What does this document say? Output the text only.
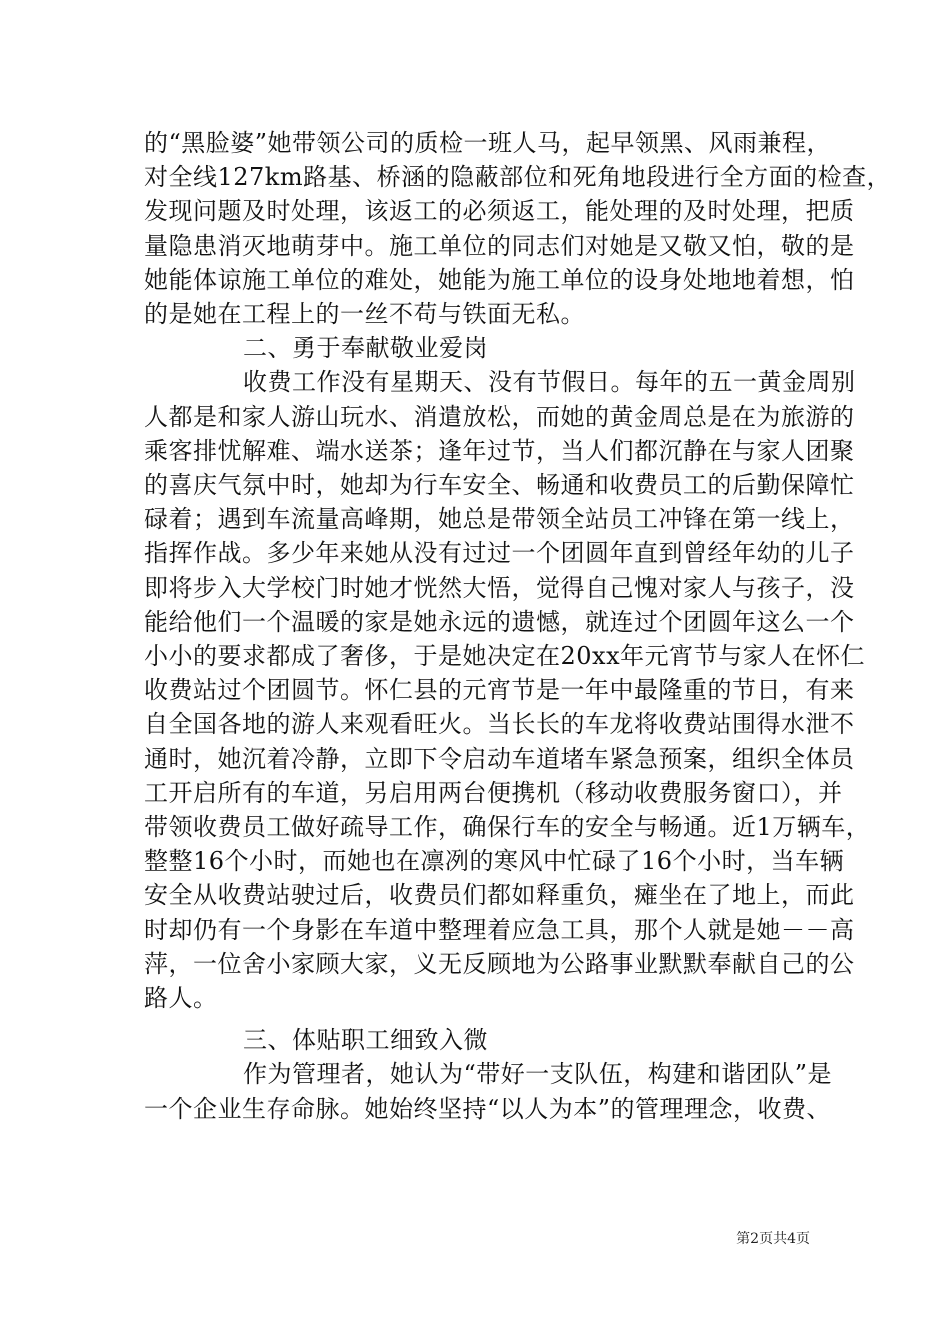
的“黑脸婆”她带领公司的质检一班人马，起早领黑、风雨兼程，
对全线127km路基、桥涵的隐蔽部位和死角地段进行全方面的检查，
发现问题及时处理，该返工的必须返工，能处理的及时处理，把质
量隐患消灭地萌芽中。施工单位的同志们对她是又敬又怕，敬的是
她能体谅施工单位的难处，她能为施工单位的设身处地地着想，怕
的是她在工程上的一丝不苟与铁面无私。
二、勇于奉献敬业爱岗
收费工作没有星期天、没有节假日。每年的五一黄金周别
人都是和家人游山玩水、消遣放松，而她的黄金周总是在为旅游的
乘客排忧解难、端水送茶；逢年过节，当人们都沉静在与家人团聚
的喜庆气氛中时，她却为行车安全、畅通和收费员工的后勤保障忙
碌着；遇到车流量高峰期，她总是带领全站员工冲锋在第一线上，
指挥作战。多少年来她从没有过过一个团圆年直到曾经年幼的儿子
即将步入大学校门时她才恍然大悟，觉得自己愧对家人与孩子，没
能给他们一个温暖的家是她永远的遗憾，就连过个团圆年这么一个
小小的要求都成了奢侈，于是她决定在20xx年元宵节与家人在怀仁
收费站过个团圆节。怀仁县的元宵节是一年中最隆重的节日，有来
自全国各地的游人来观看旺火。当长长的车龙将收费站围得水泄不
通时，她沉着冷静，立即下令启动车道堵车紧急预案，组织全体员
工开启所有的车道，另启用两台便携机（移动收费服务窗口），并
带领收费员工做好疏导工作，确保行车的安全与畅通。近1万辆车，
整整16个小时，而她也在凛冽的寒风中忙碌了16个小时，当车辆
安全从收费站驶过后，收费员们都如释重负，瘫坐在了地上，而此
时却仍有一个身影在车道中整理着应急工具，那个人就是她－－高
萍，一位舍小家顾大家，义无反顾地为公路事业默默奉献自己的公
路人。
三、体贴职工细致入微
作为管理者，她认为“带好一支队伍，构建和谐团队”是
一个企业生存命脉。她始终坚持“以人为本”的管理理念，收费、
第2页共4页
